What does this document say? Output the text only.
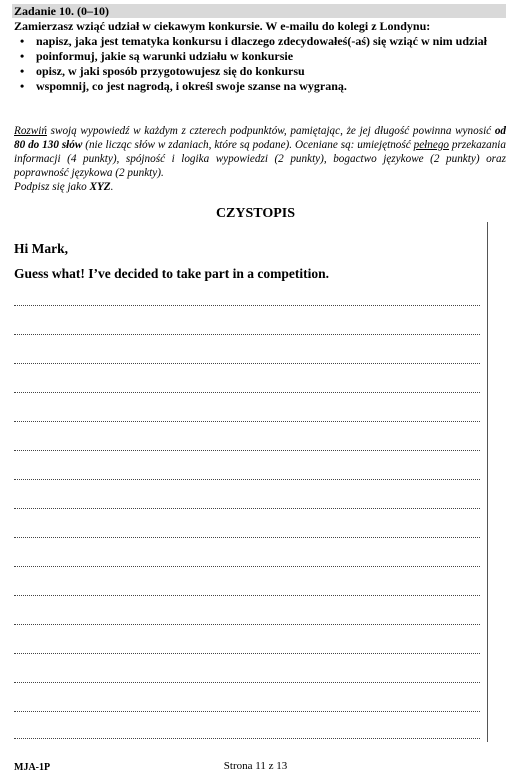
Zadanie 10. (0–10)
Zamierzasz wziąć udział w ciekawym konkursie. W e-mailu do kolegi z Londynu:
• napisz, jaka jest tematyka konkursu i dlaczego zdecydowałeś(-aś) się wziąć w nim udział
• poinformuj, jakie są warunki udziału w konkursie
• opisz, w jaki sposób przygotowujesz się do konkursu
• wspomnij, co jest nagrodą, i określ swoje szanse na wygraną.
Rozwiń swoją wypowiedź w każdym z czterech podpunktów, pamiętając, że jej długość powinna wynosić od 80 do 130 słów (nie licząc słów w zdaniach, które są podane). Oceniane są: umiejętność pełnego przekazania informacji (4 punkty), spójność i logika wypowiedzi (2 punkty), bogactwo językowe (2 punkty) oraz poprawność językowa (2 punkty).
Podpisz się jako XYZ.
CZYSTOPIS
Hi Mark,
Guess what! I’ve decided to take part in a competition.
MJA-1P	Strona 11 z 13
